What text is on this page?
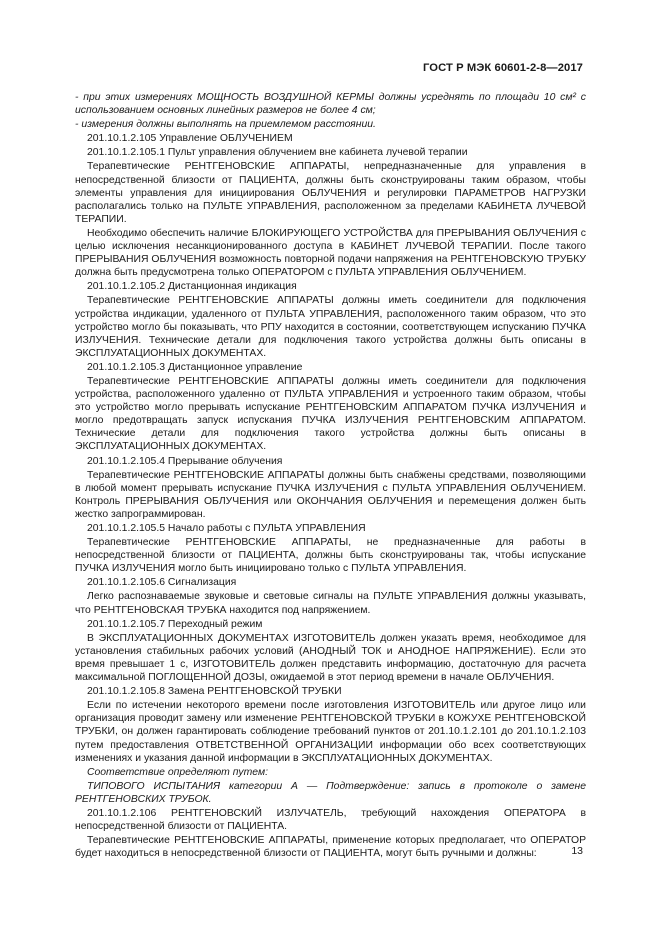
ГОСТ Р МЭК 60601-2-8—2017

- при этих измерениях МОЩНОСТЬ ВОЗДУШНОЙ КЕРМЫ должны усреднять по площади 10 см² с использованием основных линейных размеров не более 4 см;

- измерения должны выполнять на приемлемом расстоянии.

201.10.1.2.105 Управление ОБЛУЧЕНИЕМ

201.10.1.2.105.1 Пульт управления облучением вне кабинета лучевой терапии

Терапевтические РЕНТГЕНОВСКИЕ АППАРАТЫ, непредназначенные для управления в непосредственной близости от ПАЦИЕНТА, должны быть сконструированы таким образом, чтобы элементы управления для инициирования ОБЛУЧЕНИЯ и регулировки ПАРАМЕТРОВ НАГРУЗКИ располагались только на ПУЛЬТЕ УПРАВЛЕНИЯ, расположенном за пределами КАБИНЕТА ЛУЧЕВОЙ ТЕРАПИИ.

Необходимо обеспечить наличие БЛОКИРУЮЩЕГО УСТРОЙСТВА для ПРЕРЫВАНИЯ ОБЛУЧЕНИЯ с целью исключения несанкционированного доступа в КАБИНЕТ ЛУЧЕВОЙ ТЕРАПИИ. После такого ПРЕРЫВАНИЯ ОБЛУЧЕНИЯ возможность повторной подачи напряжения на РЕНТГЕНОВСКУЮ ТРУБКУ должна быть предусмотрена только ОПЕРАТОРОМ с ПУЛЬТА УПРАВЛЕНИЯ ОБЛУЧЕНИЕМ.

201.10.1.2.105.2 Дистанционная индикация

Терапевтические РЕНТГЕНОВСКИЕ АППАРАТЫ должны иметь соединители для подключения устройства индикации, удаленного от ПУЛЬТА УПРАВЛЕНИЯ, расположенного таким образом, что это устройство могло бы показывать, что РПУ находится в состоянии, соответствующем испусканию ПУЧКА ИЗЛУЧЕНИЯ. Технические детали для подключения такого устройства должны быть описаны в ЭКСПЛУАТАЦИОННЫХ ДОКУМЕНТАХ.

201.10.1.2.105.3 Дистанционное управление

Терапевтические РЕНТГЕНОВСКИЕ АППАРАТЫ должны иметь соединители для подключения устройства, расположенного удаленно от ПУЛЬТА УПРАВЛЕНИЯ и устроенного таким образом, чтобы это устройство могло прерывать испускание РЕНТГЕНОВСКИМ АППАРАТОМ ПУЧКА ИЗЛУЧЕНИЯ и могло предотвращать запуск испускания ПУЧКА ИЗЛУЧЕНИЯ РЕНТГЕНОВСКИМ АППАРАТОМ. Технические детали для подключения такого устройства должны быть описаны в ЭКСПЛУАТАЦИОННЫХ ДОКУМЕНТАХ.

201.10.1.2.105.4 Прерывание облучения

Терапевтические РЕНТГЕНОВСКИЕ АППАРАТЫ должны быть снабжены средствами, позволяющими в любой момент прерывать испускание ПУЧКА ИЗЛУЧЕНИЯ с ПУЛЬТА УПРАВЛЕНИЯ ОБЛУЧЕНИЕМ. Контроль ПРЕРЫВАНИЯ ОБЛУЧЕНИЯ или ОКОНЧАНИЯ ОБЛУЧЕНИЯ и перемещения должен быть жестко запрограммирован.

201.10.1.2.105.5 Начало работы с ПУЛЬТА УПРАВЛЕНИЯ

Терапевтические РЕНТГЕНОВСКИЕ АППАРАТЫ, не предназначенные для работы в непосредственной близости от ПАЦИЕНТА, должны быть сконструированы так, чтобы испускание ПУЧКА ИЗЛУЧЕНИЯ могло быть инициировано только с ПУЛЬТА УПРАВЛЕНИЯ.

201.10.1.2.105.6 Сигнализация

Легко распознаваемые звуковые и световые сигналы на ПУЛЬТЕ УПРАВЛЕНИЯ должны указывать, что РЕНТГЕНОВСКАЯ ТРУБКА находится под напряжением.

201.10.1.2.105.7 Переходный режим

В ЭКСПЛУАТАЦИОННЫХ ДОКУМЕНТАХ ИЗГОТОВИТЕЛЬ должен указать время, необходимое для установления стабильных рабочих условий (АНОДНЫЙ ТОК и АНОДНОЕ НАПРЯЖЕНИЕ). Если это время превышает 1 с, ИЗГОТОВИТЕЛЬ должен представить информацию, достаточную для расчета максимальной ПОГЛОЩЕННОЙ ДОЗЫ, ожидаемой в этот период времени в начале ОБЛУЧЕНИЯ.

201.10.1.2.105.8 Замена РЕНТГЕНОВСКОЙ ТРУБКИ

Если по истечении некоторого времени после изготовления ИЗГОТОВИТЕЛЬ или другое лицо или организация проводит замену или изменение РЕНТГЕНОВСКОЙ ТРУБКИ в КОЖУХЕ РЕНТГЕНОВСКОЙ ТРУБКИ, он должен гарантировать соблюдение требований пунктов от 201.10.1.2.101 до 201.10.1.2.103 путем предоставления ОТВЕТСТВЕННОЙ ОРГАНИЗАЦИИ информации обо всех соответствующих изменениях и указания данной информации в ЭКСПЛУАТАЦИОННЫХ ДОКУМЕНТАХ.

Соответствие определяют путем:

ТИПОВОГО ИСПЫТАНИЯ категории А — Подтверждение: запись в протоколе о замене РЕНТГЕНОВСКИХ ТРУБОК.

201.10.1.2.106 РЕНТГЕНОВСКИЙ ИЗЛУЧАТЕЛЬ, требующий нахождения ОПЕРАТОРА в непосредственной близости от ПАЦИЕНТА.

Терапевтические РЕНТГЕНОВСКИЕ АППАРАТЫ, применение которых предполагает, что ОПЕРАТОР будет находиться в непосредственной близости от ПАЦИЕНТА, могут быть ручными и должны:	13
